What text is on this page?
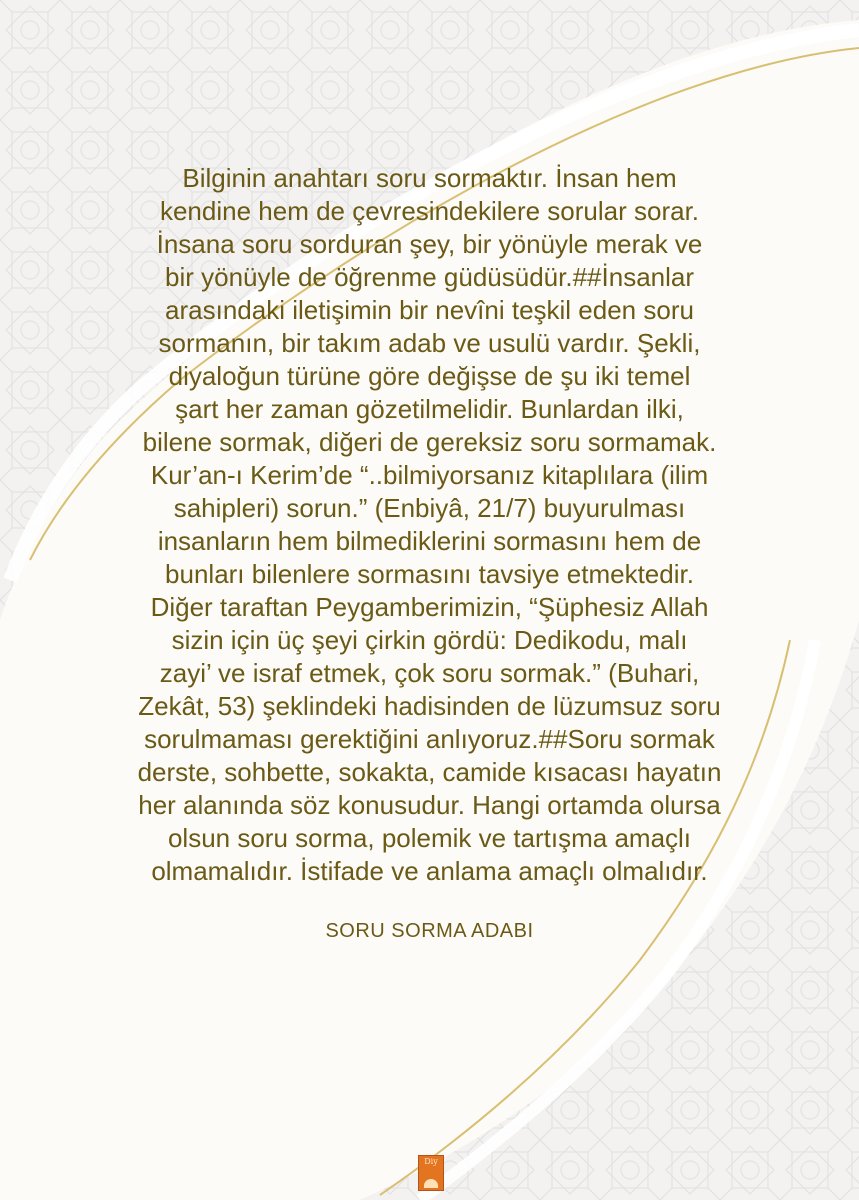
Bilginin anahtarı soru sormaktır. İnsan hem
kendine hem de çevresindekilere sorular sorar.
İnsana soru sorduran şey, bir yönüyle merak ve
bir yönüyle de öğrenme güdüsüdür.##İnsanlar
arasındaki iletişimin bir nevîni teşkil eden soru
sormanın, bir takım adab ve usulü vardır. Şekli,
diyaloğun türüne göre değişse de şu iki temel
şart her zaman gözetilmelidir. Bunlardan ilki,
bilene sormak, diğeri de gereksiz soru sormamak.
Kur’an-ı Kerim’de “..bilmiyorsanız kitaplılara (ilim
sahipleri) sorun.” (Enbiyâ, 21/7) buyurulması
insanların hem bilmediklerini sormasını hem de
bunları bilenlere sormasını tavsiye etmektedir.
Diğer taraftan Peygamberimizin, “Şüphesiz Allah
sizin için üç şeyi çirkin gördü: Dedikodu, malı
zayi’ ve israf etmek, çok soru sormak.” (Buhari,
Zekât, 53) şeklindeki hadisinden de lüzumsuz soru
sorulmaması gerektiğini anlıyoruz.##Soru sormak
derste, sohbette, sokakta, camide kısacası hayatın
her alanında söz konusudur. Hangi ortamda olursa
olsun soru sorma, polemik ve tartışma amaçlı
olmamalıdır. İstifade ve anlama amaçlı olmalıdır.

SORU SORMA ADABI
Diy
